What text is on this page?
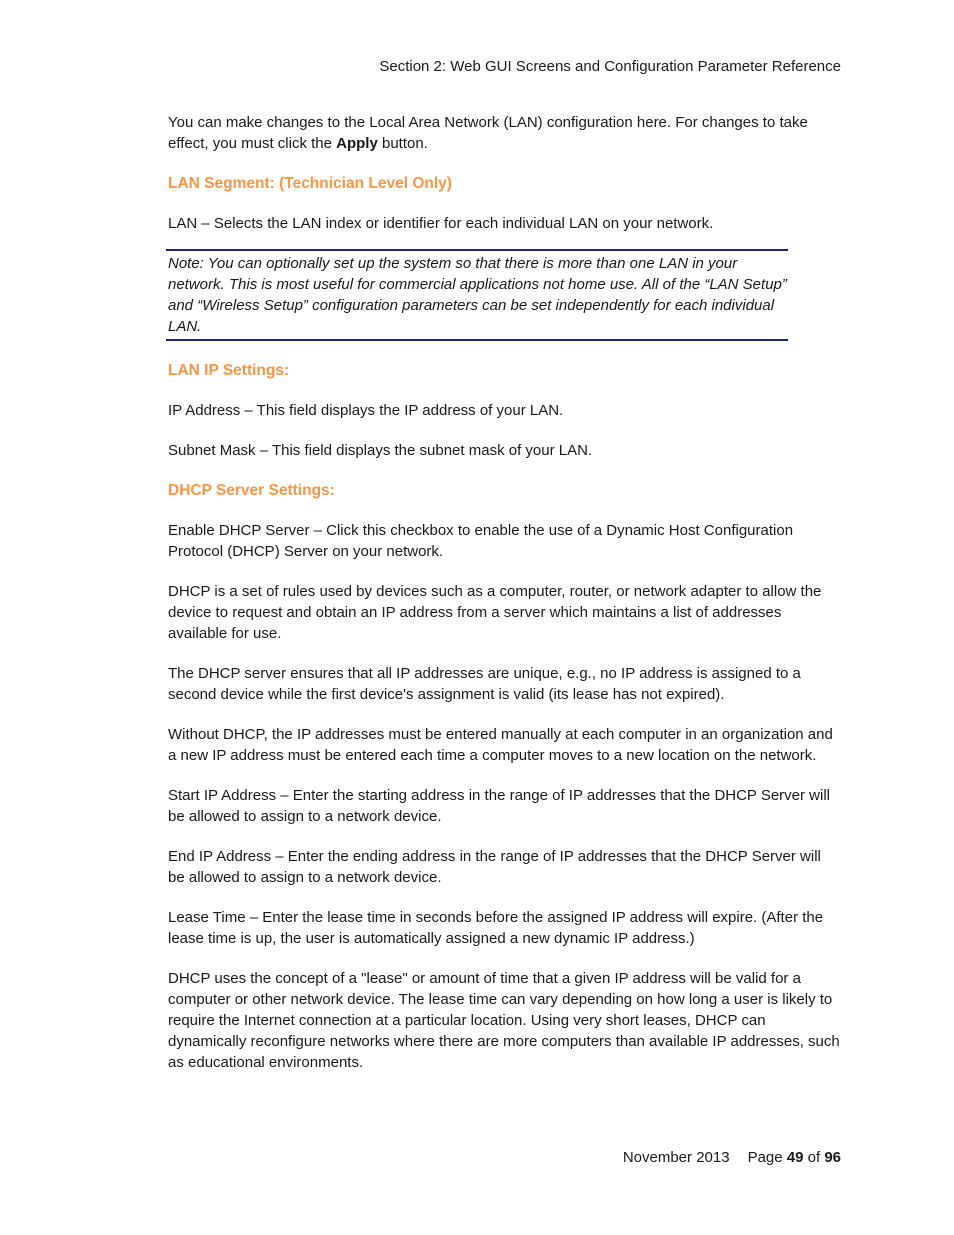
Section 2: Web GUI Screens and Configuration Parameter Reference

You can make changes to the Local Area Network (LAN) configuration here. For changes to take effect, you must click the Apply button.

LAN Segment: (Technician Level Only)

LAN – Selects the LAN index or identifier for each individual LAN on your network.

Note: You can optionally set up the system so that there is more than one LAN in your network. This is most useful for commercial applications not home use. All of the “LAN Setup” and “Wireless Setup” configuration parameters can be set independently for each individual LAN.
LAN IP Settings:

IP Address – This field displays the IP address of your LAN.

Subnet Mask – This field displays the subnet mask of your LAN.

DHCP Server Settings:

Enable DHCP Server – Click this checkbox to enable the use of a Dynamic Host Configuration Protocol (DHCP) Server on your network.

DHCP is a set of rules used by devices such as a computer, router, or network adapter to allow the device to request and obtain an IP address from a server which maintains a list of addresses available for use.

The DHCP server ensures that all IP addresses are unique, e.g., no IP address is assigned to a second device while the first device's assignment is valid (its lease has not expired).

Without DHCP, the IP addresses must be entered manually at each computer in an organization and a new IP address must be entered each time a computer moves to a new location on the network.

Start IP Address – Enter the starting address in the range of IP addresses that the DHCP Server will be allowed to assign to a network device.

End IP Address – Enter the ending address in the range of IP addresses that the DHCP Server will be allowed to assign to a network device.

Lease Time – Enter the lease time in seconds before the assigned IP address will expire. (After the lease time is up, the user is automatically assigned a new dynamic IP address.)

DHCP uses the concept of a "lease" or amount of time that a given IP address will be valid for a computer or other network device. The lease time can vary depending on how long a user is likely to require the Internet connection at a particular location. Using very short leases, DHCP can dynamically reconfigure networks where there are more computers than available IP addresses, such as educational environments.

November 2013 Page 49 of 96
